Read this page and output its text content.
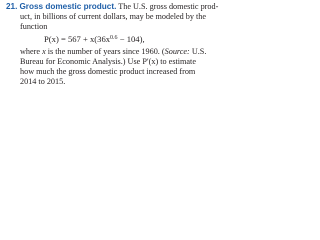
21. Gross domestic product. The U.S. gross domestic prod-
uct, in billions of current dollars, may be modeled by the
function
$P(x) = 567 + x(36x^{0.6} - 104)$,
where x is the number of years since 1960. (Source: U.S.
Bureau for Economic Analysis.) Use P′(x) to estimate
how much the gross domestic product increased from
2014 to 2015.
